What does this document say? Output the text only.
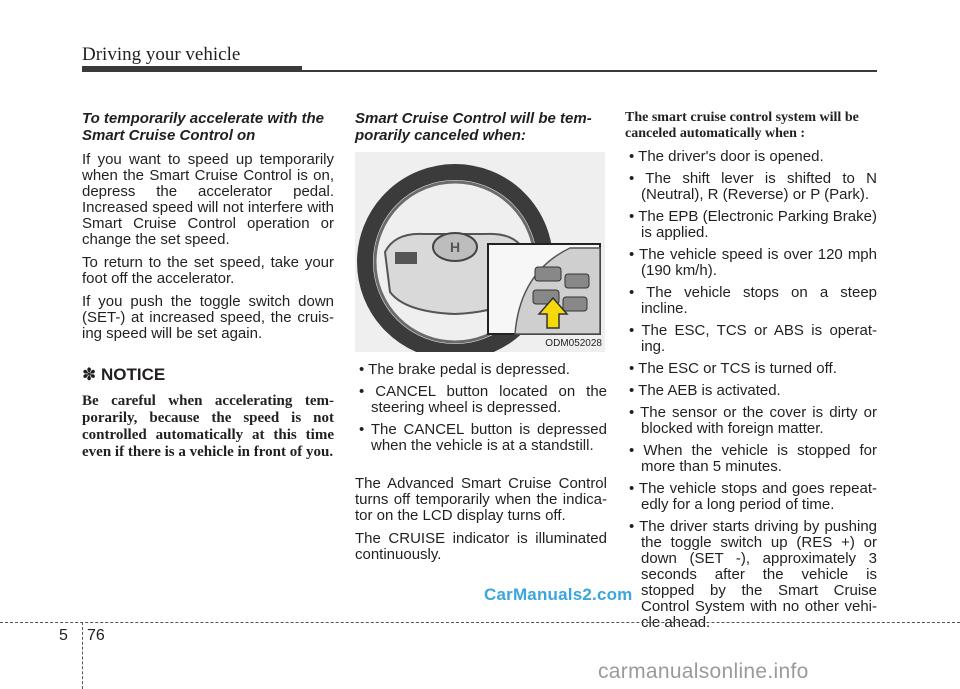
Driving your vehicle

To temporarily accelerate with the Smart Cruise Control on

If you want to speed up temporarily when the Smart Cruise Control is on, depress the accelerator pedal. Increased speed will not interfere with Smart Cruise Control operation or change the set speed.

To return to the set speed, take your foot off the accelerator.

If you push the toggle switch down (SET-) at increased speed, the cruis-ing speed will be set again.

✽ NOTICE
Be careful when accelerating tem-porarily, because the speed is not controlled automatically at this time even if there is a vehicle in front of you.

Smart Cruise Control will be tem-porarily canceled when:

H
ODM052028
• The brake pedal is depressed.
• CANCEL button located on the steering wheel is depressed.
• The CANCEL button is depressed when the vehicle is at a standstill.

The Advanced Smart Cruise Control turns off temporarily when the indica-tor on the LCD display turns off.

The CRUISE indicator is illuminated continuously.

The smart cruise control system will be canceled automatically when :

• The driver's door is opened.
• The shift lever is shifted to N (Neutral), R (Reverse) or P (Park).
• The EPB (Electronic Parking Brake) is applied.
• The vehicle speed is over 120 mph (190 km/h).
• The vehicle stops on a steep incline.
• The ESC, TCS or ABS is operat-ing.
• The ESC or TCS is turned off.
• The AEB is activated.
• The sensor or the cover is dirty or blocked with foreign matter.
• When the vehicle is stopped for more than 5 minutes.
• The vehicle stops and goes repeat-edly for a long period of time.
• The driver starts driving by pushing the toggle switch up (RES +) or down (SET -), approximately 3 seconds after the vehicle is stopped by the Smart Cruise Control System with no other vehi-cle ahead.
CarManuals2.com
5 76
carmanualsonline.info
